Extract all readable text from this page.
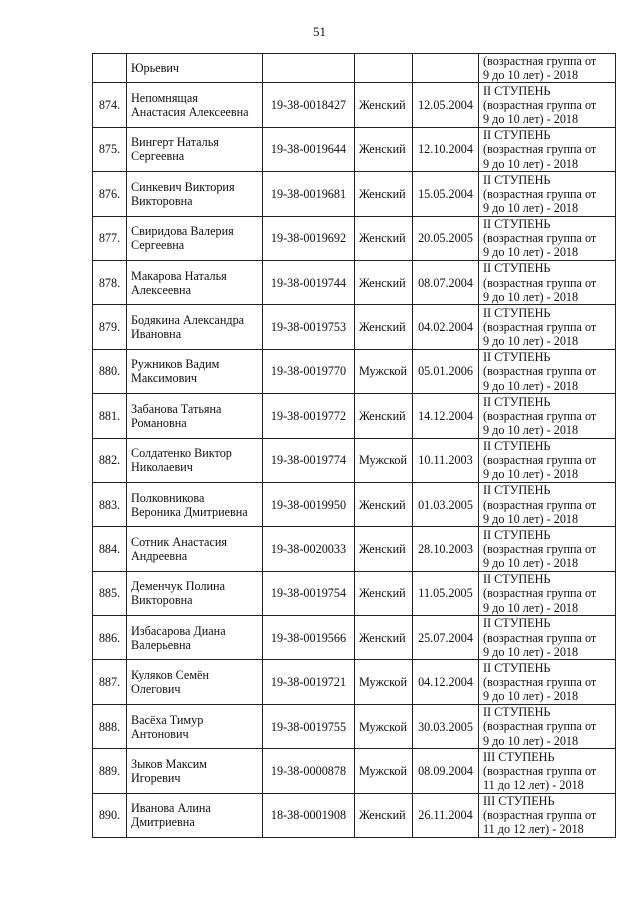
51

	Юрьевич				(возрастная группа от
9 до 10 лет) - 2018

874.	Непомнящая
Анастасия Алексеевна	19-38-0018427	Женский	12.05.2004	II СТУПЕНЬ
(возрастная группа от
9 до 10 лет) - 2018

875.	Вингерт Наталья
Сергеевна	19-38-0019644	Женский	12.10.2004	II СТУПЕНЬ
(возрастная группа от
9 до 10 лет) - 2018

876.	Синкевич Виктория
Викторовна	19-38-0019681	Женский	15.05.2004	II СТУПЕНЬ
(возрастная группа от
9 до 10 лет) - 2018

877.	Свиридова Валерия
Сергеевна	19-38-0019692	Женский	20.05.2005	II СТУПЕНЬ
(возрастная группа от
9 до 10 лет) - 2018

878.	Макарова Наталья
Алексеевна	19-38-0019744	Женский	08.07.2004	II СТУПЕНЬ
(возрастная группа от
9 до 10 лет) - 2018

879.	Бодякина Александра
Ивановна	19-38-0019753	Женский	04.02.2004	II СТУПЕНЬ
(возрастная группа от
9 до 10 лет) - 2018

880.	Ружников Вадим
Максимович	19-38-0019770	Мужской	05.01.2006	II СТУПЕНЬ
(возрастная группа от
9 до 10 лет) - 2018

881.	Забанова Татьяна
Романовна	19-38-0019772	Женский	14.12.2004	II СТУПЕНЬ
(возрастная группа от
9 до 10 лет) - 2018

882.	Солдатенко Виктор
Николаевич	19-38-0019774	Мужской	10.11.2003	II СТУПЕНЬ
(возрастная группа от
9 до 10 лет) - 2018

883.	Полковникова
Вероника Дмитриевна	19-38-0019950	Женский	01.03.2005	II СТУПЕНЬ
(возрастная группа от
9 до 10 лет) - 2018

884.	Сотник Анастасия
Андреевна	19-38-0020033	Женский	28.10.2003	II СТУПЕНЬ
(возрастная группа от
9 до 10 лет) - 2018

885.	Деменчук Полина
Викторовна	19-38-0019754	Женский	11.05.2005	II СТУПЕНЬ
(возрастная группа от
9 до 10 лет) - 2018

886.	Избасарова Диана
Валерьевна	19-38-0019566	Женский	25.07.2004	II СТУПЕНЬ
(возрастная группа от
9 до 10 лет) - 2018

887.	Куляков Семён
Олегович	19-38-0019721	Мужской	04.12.2004	II СТУПЕНЬ
(возрастная группа от
9 до 10 лет) - 2018

888.	Васёха Тимур
Антонович	19-38-0019755	Мужской	30.03.2005	II СТУПЕНЬ
(возрастная группа от
9 до 10 лет) - 2018

889.	Зыков Максим
Игоревич	19-38-0000878	Мужской	08.09.2004	III СТУПЕНЬ
(возрастная группа от
11 до 12 лет) - 2018

890.	Иванова Алина
Дмитриевна	18-38-0001908	Женский	26.11.2004	III СТУПЕНЬ
(возрастная группа от
11 до 12 лет) - 2018
